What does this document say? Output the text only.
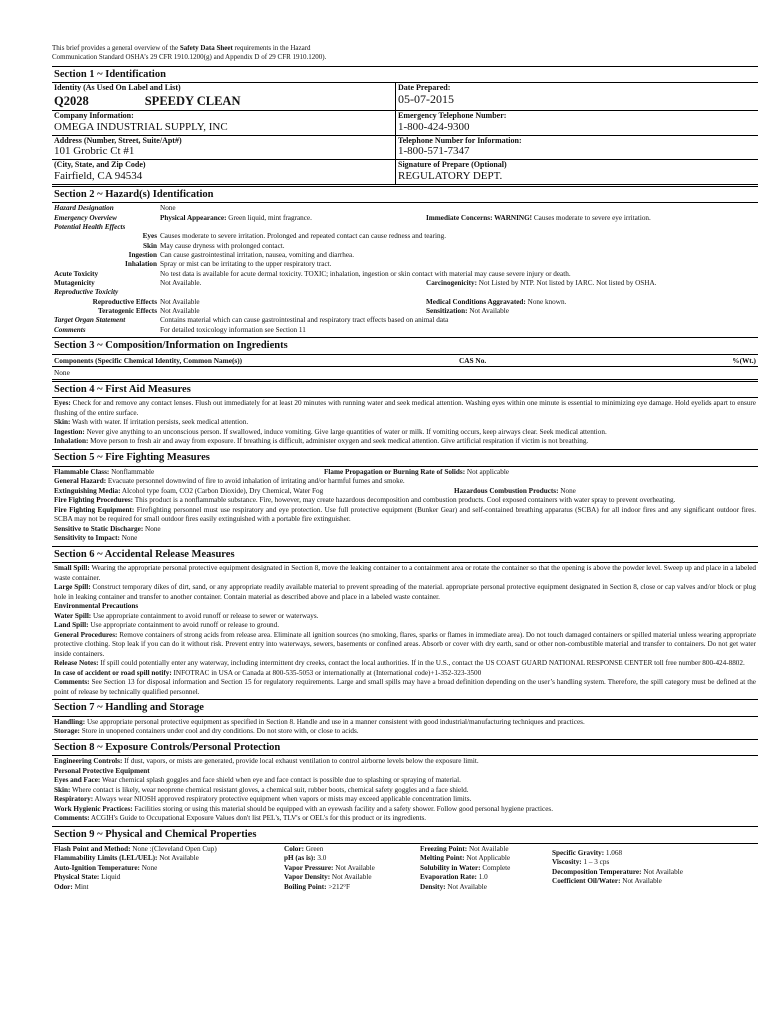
This brief provides a general overview of the Safety Data Sheet requirements in the Hazard
Communication Standard OSHA’s 29 CFR 1910.1200(g) and Appendix D of 29 CFR 1910.1200).
Section 1 ~ Identification
Identity (As Used On Label and List)
Q2028	SPEEDY CLEAN
Date Prepared:
05-07-2015
Company Information:
OMEGA INDUSTRIAL SUPPLY, INC
Emergency Telephone Number:
1-800-424-9300
Address (Number, Street, Suite/Apt#)
101 Grobric Ct #1
Telephone Number for Information:
1-800-571-7347
(City, State, and Zip Code)
Fairfield, CA 94534
Signature of Prepare (Optional)
REGULATORY DEPT.
Section 2 ~ Hazard(s) Identification
Hazard Designation	None
Emergency Overview	Physical Appearance: Green liquid, mint fragrance.	Immediate Concerns: WARNING! Causes moderate to severe eye irritation.
Potential Health Effects
Eyes Causes moderate to severe irritation. Prolonged and repeated contact can cause redness and tearing.
Skin May cause dryness with prolonged contact.
Ingestion Can cause gastrointestinal irritation, nausea, vomiting and diarrhea.
Inhalation Spray or mist can be irritating to the upper respiratory tract.
Acute Toxicity	No test data is available for acute dermal toxicity. TOXIC; inhalation, ingestion or skin contact with material may cause severe injury or death.
Mutagenicity	Not Available.	Carcinogenicity: Not Listed by NTP. Not listed by IARC. Not listed by OSHA.
Reproductive Toxicity
Reproductive Effects Not Available	Medical Conditions Aggravated: None known.
Teratogenic Effects Not Available	Sensitization: Not Available
Target Organ Statement	Contains material which can cause gastrointestinal and respiratory tract effects based on animal data
Comments	For detailed toxicology information see Section 11
Section 3 ~ Composition/Information on Ingredients
Components (Specific Chemical Identity, Common Name(s))	CAS No.	%(Wt.)
None
Section 4 ~ First Aid Measures
Eyes: Check for and remove any contact lenses. Flush out immediately for at least 20 minutes with running water and seek medical attention. Washing eyes within one minute is essential to minimizing eye damage. Hold eyelids apart to ensure flushing of the entire surface.
Skin: Wash with water. If irritation persists, seek medical attention.
Ingestion: Never give anything to an unconscious person. If swallowed, induce vomiting. Give large quantities of water or milk. If vomiting occurs, keep airways clear. Seek medical attention.
Inhalation: Move person to fresh air and away from exposure. If breathing is difficult, administer oxygen and seek medical attention. Give artificial respiration if victim is not breathing.
Section 5 ~ Fire Fighting Measures
Flammable Class: Nonflammable	Flame Propagation or Burning Rate of Solids: Not applicable
General Hazard: Evacuate personnel downwind of fire to avoid inhalation of irritating and/or harmful fumes and smoke.
Extinguishing Media: Alcohol type foam, CO2 (Carbon Dioxide), Dry Chemical, Water Fog	Hazardous Combustion Products: None
Fire Fighting Procedures: This product is a nonflammable substance. Fire, however, may create hazardous decomposition and combustion products. Cool exposed containers with water spray to prevent overheating.
Fire Fighting Equipment: Firefighting personnel must use respiratory and eye protection. Use full protective equipment (Bunker Gear) and self-contained breathing apparatus (SCBA) for all indoor fires and any significant outdoor fires. SCBA may not be required for small outdoor fires easily extinguished with a portable fire extinguisher.
Sensitive to Static Discharge: None
Sensitivity to Impact: None
Section 6 ~ Accidental Release Measures
Small Spill: Wearing the appropriate personal protective equipment designated in Section 8, move the leaking container to a containment area or rotate the container so that the opening is above the powder level. Sweep up and place in a labeled waste container.
Large Spill: Construct temporary dikes of dirt, sand, or any appropriate readily available material to prevent spreading of the material. appropriate personal protective equipment designated in Section 8, close or cap valves and/or block or plug hole in leaking container and transfer to another container. Contain material as described above and place in a labeled waste container.
Environmental Precautions
Water Spill: Use appropriate containment to avoid runoff or release to sewer or waterways.
Land Spill: Use appropriate containment to avoid runoff or release to ground.
General Procedures: Remove containers of strong acids from release area. Eliminate all ignition sources (no smoking, flares, sparks or flames in immediate area). Do not touch damaged containers or spilled material unless wearing appropriate protective clothing. Stop leak if you can do it without risk. Prevent entry into waterways, sewers, basements or confined areas. Absorb or cover with dry earth, sand or other non-combustible material and transfer to containers. Do not get water inside containers.
Release Notes: If spill could potentially enter any waterway, including intermittent dry creeks, contact the local authorities. If in the U.S., contact the US COAST GUARD NATIONAL RESPONSE CENTER toll free number 800-424-8802.
In case of accident or road spill notify: INFOTRAC in USA or Canada at 800-535-5053 or internationally at (International code)+1-352-323-3500
Comments: See Section 13 for disposal information and Section 15 for regulatory requirements. Large and small spills may have a broad definition depending on the user’s handling system. Therefore, the spill category must be defined at the point of release by technically qualified personnel.
Section 7 ~ Handling and Storage
Handling: Use appropriate personal protective equipment as specified in Section 8. Handle and use in a manner consistent with good industrial/manufacturing techniques and practices.
Storage: Store in unopened containers under cool and dry conditions. Do not store with, or close to acids.
Section 8 ~ Exposure Controls/Personal Protection
Engineering Controls: If dust, vapors, or mists are generated, provide local exhaust ventilation to control airborne levels below the exposure limit.
Personal Protective Equipment
Eyes and Face: Wear chemical splash goggles and face shield when eye and face contact is possible due to splashing or spraying of material.
Skin: Where contact is likely, wear neoprene chemical resistant gloves, a chemical suit, rubber boots, chemical safety goggles and a face shield.
Respiratory: Always wear NIOSH approved respiratory protective equipment when vapors or mists may exceed applicable concentration limits.
Work Hygienic Practices: Facilities storing or using this material should be equipped with an eyewash facility and a safety shower. Follow good personal hygiene practices.
Comments: ACGIH's Guide to Occupational Exposure Values don't list PEL's, TLV's or OEL's for this product or its ingredients.
Section 9 ~ Physical and Chemical Properties
Flash Point and Method: None :(Cleveland Open Cup)
Flammability Limits (LEL/UEL): Not Available
Auto-Ignition Temperature: None
Physical State: Liquid
Odor: Mint
Color: Green
pH (as is): 3.0
Vapor Pressure: Not Available
Vapor Density: Not Available
Boiling Point: >212°F
Freezing Point: Not Available
Melting Point: Not Applicable
Solubility in Water: Complete
Evaporation Rate: 1.0
Density: Not Available
Specific Gravity: 1.068
Viscosity: 1 – 3 cps
Decomposition Temperature: Not Available
Coefficient Oil/Water: Not Available
